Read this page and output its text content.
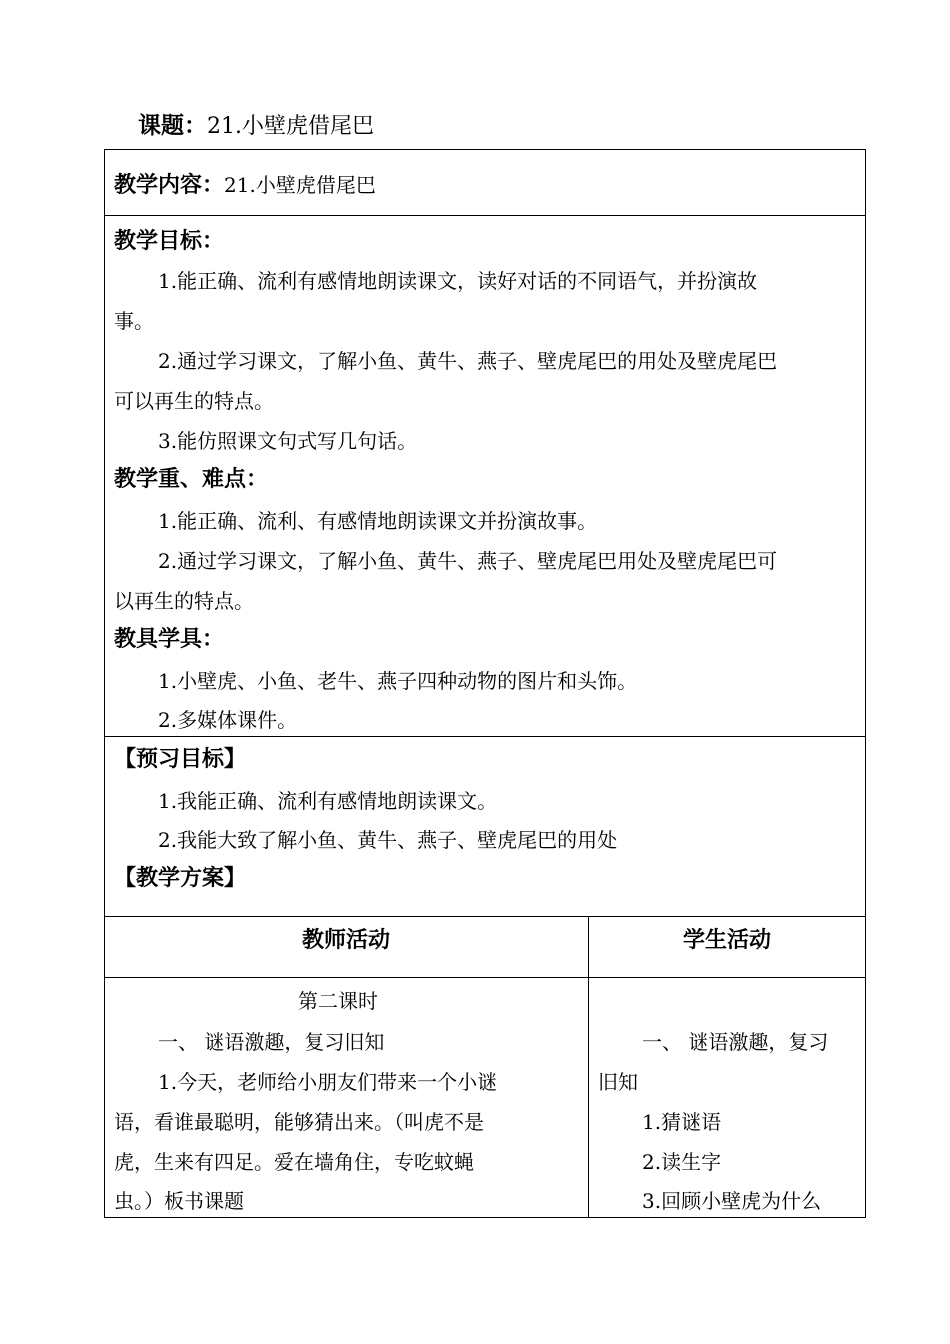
课题：21.小壁虎借尾巴
教学内容：21.小壁虎借尾巴
教学目标：
1.能正确、流利有感情地朗读课文，读好对话的不同语气，并扮演故
事。
2.通过学习课文，了解小鱼、黄牛、燕子、壁虎尾巴的用处及壁虎尾巴
可以再生的特点。
3.能仿照课文句式写几句话。
教学重、难点：
1.能正确、流利、有感情地朗读课文并扮演故事。
2.通过学习课文，了解小鱼、黄牛、燕子、壁虎尾巴用处及壁虎尾巴可
以再生的特点。
教具学具：
1.小壁虎、小鱼、老牛、燕子四种动物的图片和头饰。
2.多媒体课件。
【预习目标】
1.我能正确、流利有感情地朗读课文。
2.我能大致了解小鱼、黄牛、燕子、壁虎尾巴的用处
【教学方案】
教师活动	学生活动
第二课时
一、 谜语激趣，复习旧知
1.今天，老师给小朋友们带来一个小谜
语，看谁最聪明，能够猜出来。（叫虎不是
虎，生来有四足。爱在墙角住，专吃蚊蝇
虫。）板书课题
一、 谜语激趣，复习
旧知
1.猜谜语
2.读生字
3.回顾小壁虎为什么
